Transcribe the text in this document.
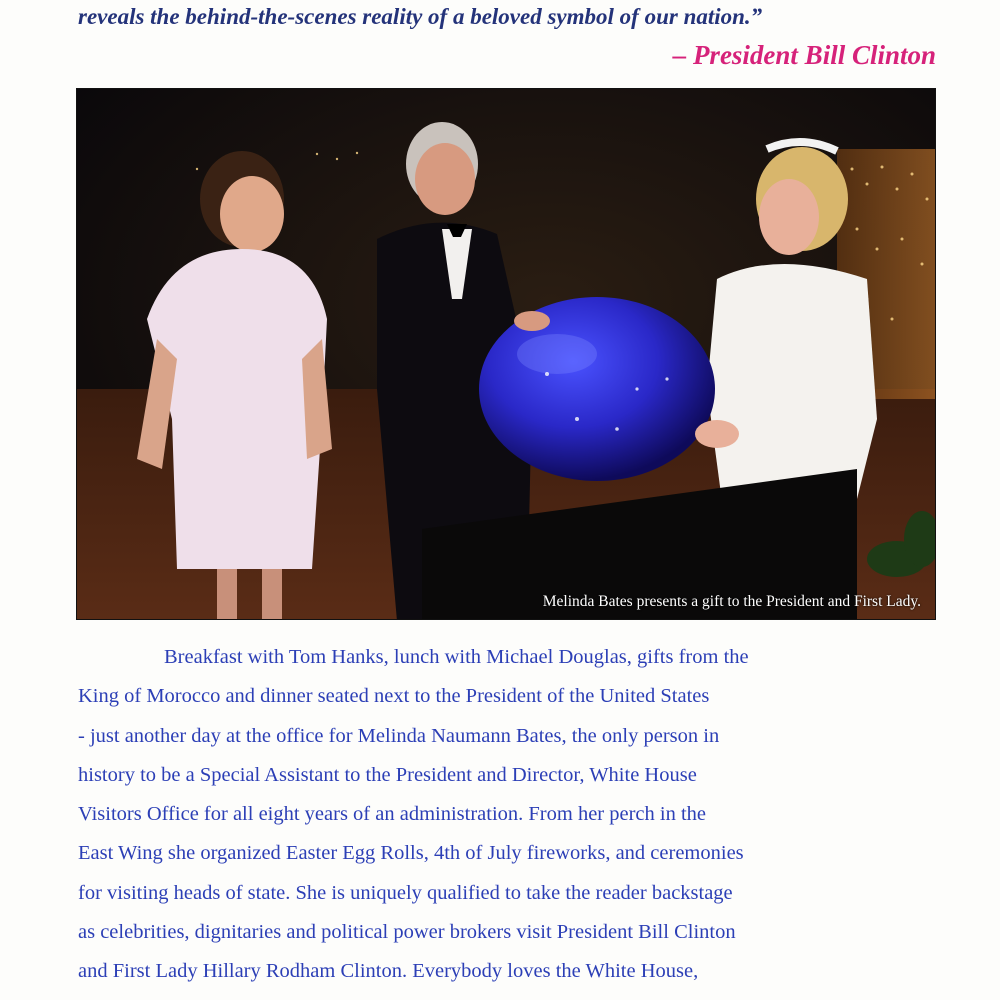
reveals the behind-the-scenes reality of a beloved symbol of our nation.”
– President Bill Clinton
Melinda Bates presents a gift to the President and First Lady.
Breakfast with Tom Hanks, lunch with Michael Douglas, gifts from the
King of Morocco and dinner seated next to the President of the United States
- just another day at the office for Melinda Naumann Bates, the only person in
history to be a Special Assistant to the President and Director, White House
Visitors Office for all eight years of an administration. From her perch in the
East Wing she organized Easter Egg Rolls, 4th of July fireworks, and ceremonies
for visiting heads of state. She is uniquely qualified to take the reader backstage
as celebrities, dignitaries and political power brokers visit President Bill Clinton
and First Lady Hillary Rodham Clinton. Everybody loves the White House,
